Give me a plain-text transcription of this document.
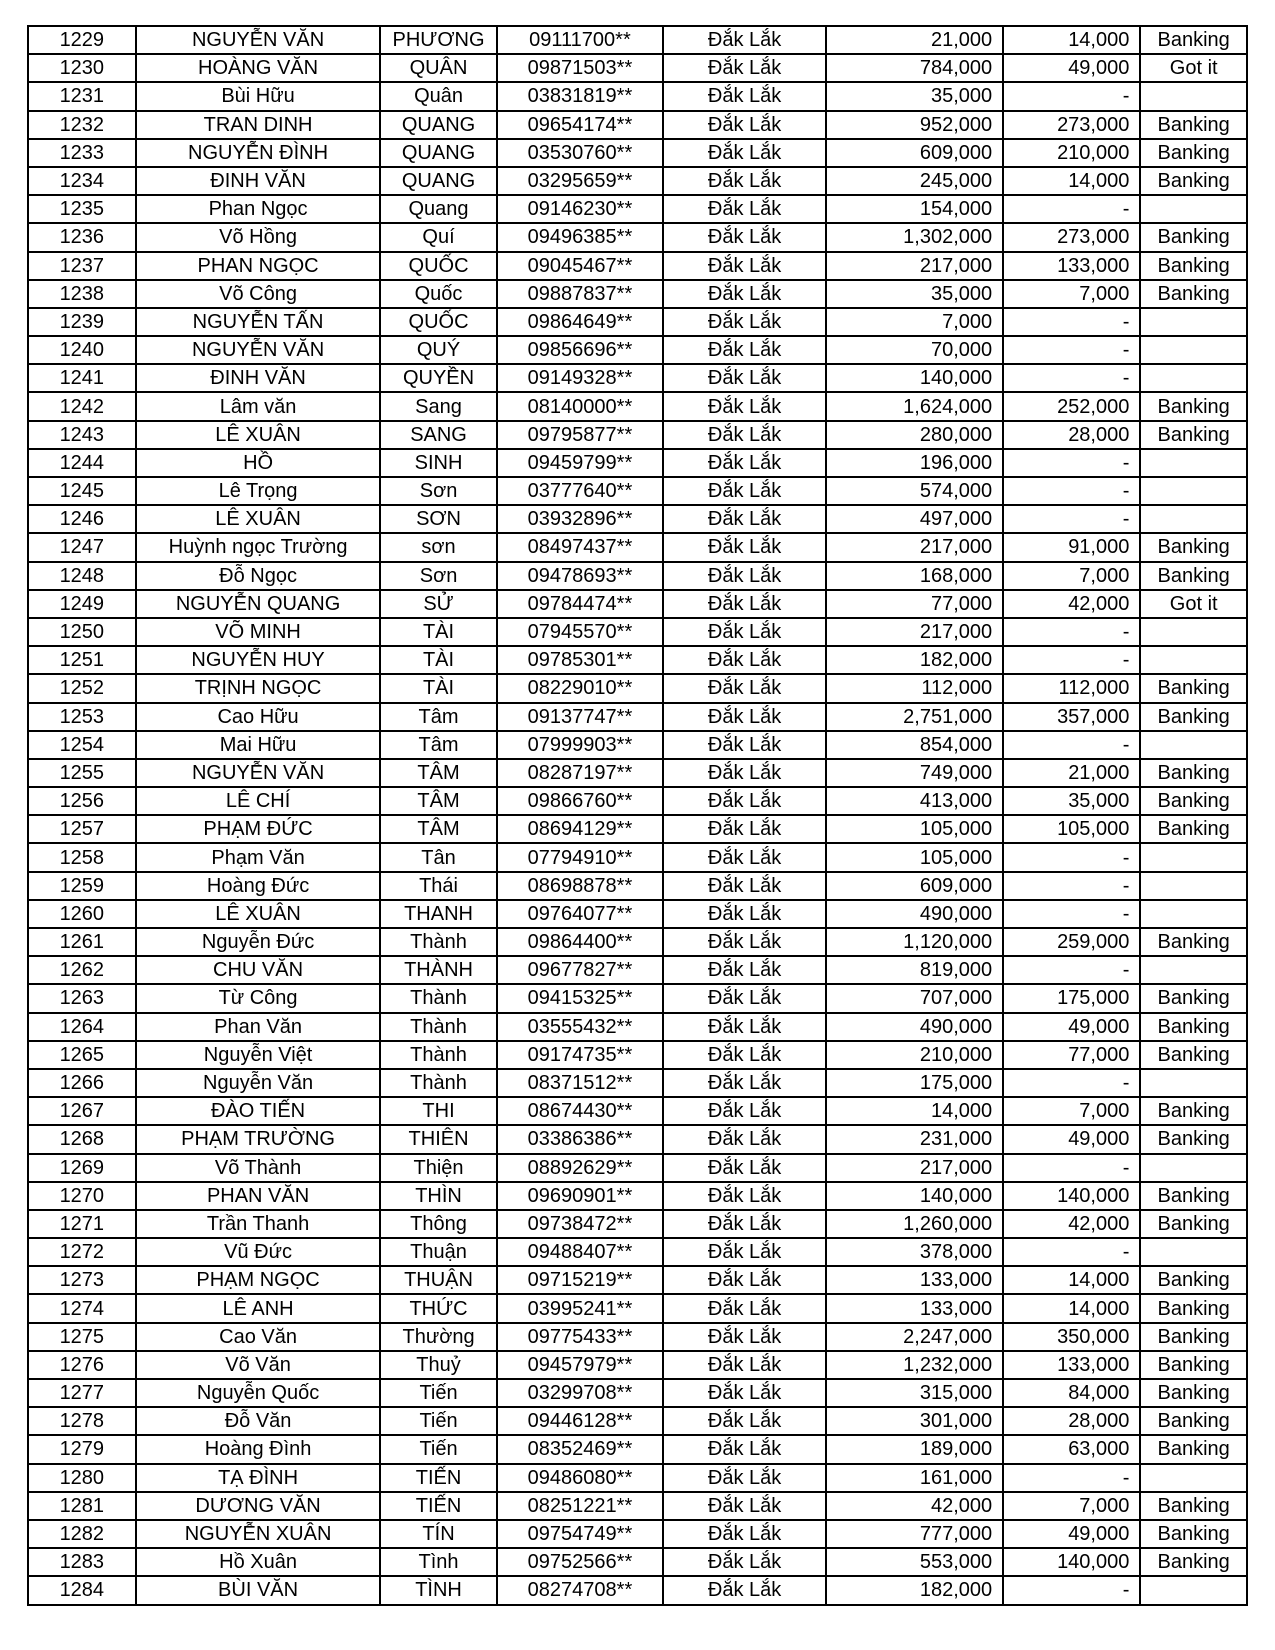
1229	NGUYỄN VĂN	PHƯƠNG	09111700**	Đắk Lắk	21,000	14,000	Banking
1230	HOÀNG VĂN	QUÂN	09871503**	Đắk Lắk	784,000	49,000	Got it
1231	Bùi Hữu	Quân	03831819**	Đắk Lắk	35,000	-	
1232	TRAN DINH	QUANG	09654174**	Đắk Lắk	952,000	273,000	Banking
1233	NGUYỄN ĐÌNH	QUANG	03530760**	Đắk Lắk	609,000	210,000	Banking
1234	ĐINH VĂN	QUANG	03295659**	Đắk Lắk	245,000	14,000	Banking
1235	Phan Ngọc	Quang	09146230**	Đắk Lắk	154,000	-	
1236	Võ Hồng	Quí	09496385**	Đắk Lắk	1,302,000	273,000	Banking
1237	PHAN NGỌC	QUỐC	09045467**	Đắk Lắk	217,000	133,000	Banking
1238	Võ Công	Quốc	09887837**	Đắk Lắk	35,000	7,000	Banking
1239	NGUYỄN TẤN	QUỐC	09864649**	Đắk Lắk	7,000	-	
1240	NGUYỄN VĂN	QUÝ	09856696**	Đắk Lắk	70,000	-	
1241	ĐINH VĂN	QUYỀN	09149328**	Đắk Lắk	140,000	-	
1242	Lâm văn	Sang	08140000**	Đắk Lắk	1,624,000	252,000	Banking
1243	LÊ XUÂN	SANG	09795877**	Đắk Lắk	280,000	28,000	Banking
1244	HỒ	SINH	09459799**	Đắk Lắk	196,000	-	
1245	Lê Trọng	Sơn	03777640**	Đắk Lắk	574,000	-	
1246	LÊ XUÂN	SƠN	03932896**	Đắk Lắk	497,000	-	
1247	Huỳnh ngọc Trường	sơn	08497437**	Đắk Lắk	217,000	91,000	Banking
1248	Đỗ Ngọc	Sơn	09478693**	Đắk Lắk	168,000	7,000	Banking
1249	NGUYỄN QUANG	SỬ	09784474**	Đắk Lắk	77,000	42,000	Got it
1250	VÕ MINH	TÀI	07945570**	Đắk Lắk	217,000	-	
1251	NGUYỄN HUY	TÀI	09785301**	Đắk Lắk	182,000	-	
1252	TRỊNH NGỌC	TÀI	08229010**	Đắk Lắk	112,000	112,000	Banking
1253	Cao Hữu	Tâm	09137747**	Đắk Lắk	2,751,000	357,000	Banking
1254	Mai Hữu	Tâm	07999903**	Đắk Lắk	854,000	-	
1255	NGUYỄN VĂN	TÂM	08287197**	Đắk Lắk	749,000	21,000	Banking
1256	LÊ CHÍ	TÂM	09866760**	Đắk Lắk	413,000	35,000	Banking
1257	PHẠM ĐỨC	TÂM	08694129**	Đắk Lắk	105,000	105,000	Banking
1258	Phạm Văn	Tân	07794910**	Đắk Lắk	105,000	-	
1259	Hoàng Đức	Thái	08698878**	Đắk Lắk	609,000	-	
1260	LÊ XUÂN	THANH	09764077**	Đắk Lắk	490,000	-	
1261	Nguyễn Đức	Thành	09864400**	Đắk Lắk	1,120,000	259,000	Banking
1262	CHU VĂN	THÀNH	09677827**	Đắk Lắk	819,000	-	
1263	Từ Công	Thành	09415325**	Đắk Lắk	707,000	175,000	Banking
1264	Phan Văn	Thành	03555432**	Đắk Lắk	490,000	49,000	Banking
1265	Nguyễn Việt	Thành	09174735**	Đắk Lắk	210,000	77,000	Banking
1266	Nguyễn Văn	Thành	08371512**	Đắk Lắk	175,000	-	
1267	ĐÀO TIẾN	THI	08674430**	Đắk Lắk	14,000	7,000	Banking
1268	PHẠM TRƯỜNG	THIÊN	03386386**	Đắk Lắk	231,000	49,000	Banking
1269	Võ Thành	Thiện	08892629**	Đắk Lắk	217,000	-	
1270	PHAN VĂN	THÌN	09690901**	Đắk Lắk	140,000	140,000	Banking
1271	Trần Thanh	Thông	09738472**	Đắk Lắk	1,260,000	42,000	Banking
1272	Vũ Đức	Thuận	09488407**	Đắk Lắk	378,000	-	
1273	PHẠM NGỌC	THUẬN	09715219**	Đắk Lắk	133,000	14,000	Banking
1274	LÊ ANH	THỨC	03995241**	Đắk Lắk	133,000	14,000	Banking
1275	Cao Văn	Thường	09775433**	Đắk Lắk	2,247,000	350,000	Banking
1276	Võ Văn	Thuỷ	09457979**	Đắk Lắk	1,232,000	133,000	Banking
1277	Nguyễn Quốc	Tiến	03299708**	Đắk Lắk	315,000	84,000	Banking
1278	Đỗ Văn	Tiến	09446128**	Đắk Lắk	301,000	28,000	Banking
1279	Hoàng Đình	Tiến	08352469**	Đắk Lắk	189,000	63,000	Banking
1280	TẠ ĐÌNH	TIẾN	09486080**	Đắk Lắk	161,000	-	
1281	DƯƠNG VĂN	TIẾN	08251221**	Đắk Lắk	42,000	7,000	Banking
1282	NGUYỄN XUÂN	TÍN	09754749**	Đắk Lắk	777,000	49,000	Banking
1283	Hồ Xuân	Tình	09752566**	Đắk Lắk	553,000	140,000	Banking
1284	BÙI VĂN	TÌNH	08274708**	Đắk Lắk	182,000	-	
